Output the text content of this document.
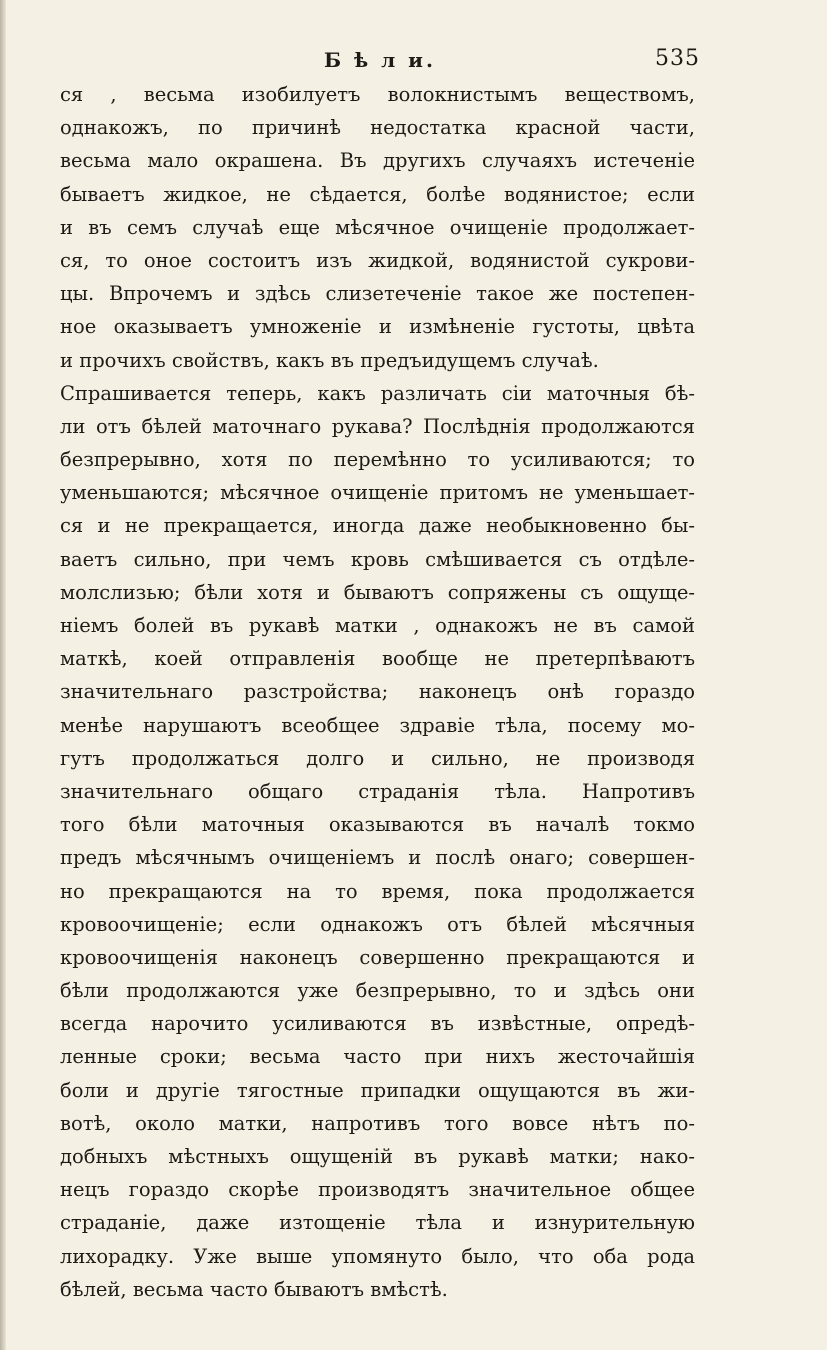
Б ѣ л и.	535
ся , весьма изобилуетъ волокнистымъ веществомъ,
однакожъ, по причинѣ недостатка красной части,
весьма мало окрашена. Въ другихъ случаяхъ истеченіе
бываетъ жидкое, не сѣдается, болѣе водянистое; если
и въ семъ случаѣ еще мѣсячное очищеніе продолжает-
ся, то оное состоитъ изъ жидкой, водянистой сукрови-
цы. Впрочемъ и здѣсь слизетеченіе такое же постепен-
ное оказываетъ умноженіе и измѣненіе густоты, цвѣта
и прочихъ свойствъ, какъ въ предъидущемъ случаѣ.
Спрашивается теперь, какъ различать сіи маточныя бѣ-
ли отъ бѣлей маточнаго рукава? Послѣднія продолжаются
безпрерывно, хотя по перемѣнно то усиливаются; то
уменьшаются; мѣсячное очищеніе притомъ не уменьшает-
ся и не прекращается, иногда даже необыкновенно бы-
ваетъ сильно, при чемъ кровь смѣшивается съ отдѣле-
молслизью; бѣли хотя и бываютъ сопряжены съ ощуще-
ніемъ болей въ рукавѣ матки , однакожъ не въ самой
маткѣ, коей отправленія вообще не претерпѣваютъ
значительнаго разстройства; наконецъ онѣ гораздо
менѣе нарушаютъ всеобщее здравіе тѣла, посему мо-
гутъ продолжаться долго и сильно, не производя
значительнаго общаго страданія тѣла. Напротивъ
того бѣли маточныя оказываются въ началѣ токмо
предъ мѣсячнымъ очищеніемъ и послѣ онаго; совершен-
но прекращаются на то время, пока продолжается
кровоочищеніе; если однакожъ отъ бѣлей мѣсячныя
кровоочищенія наконецъ совершенно прекращаются и
бѣли продолжаются уже безпрерывно, то и здѣсь они
всегда нарочито усиливаются въ извѣстные, опредѣ-
ленные сроки; весьма часто при нихъ жесточайшія
боли и другіе тягостные припадки ощущаются въ жи-
вотѣ, около матки, напротивъ того вовсе нѣтъ по-
добныхъ мѣстныхъ ощущеній въ рукавѣ матки; нако-
нецъ гораздо скорѣе производятъ значительное общее
страданіе, даже изтощеніе тѣла и изнурительную
лихорадку. Уже выше упомянуто было, что оба рода
бѣлей, весьма часто бываютъ вмѣстѣ.
